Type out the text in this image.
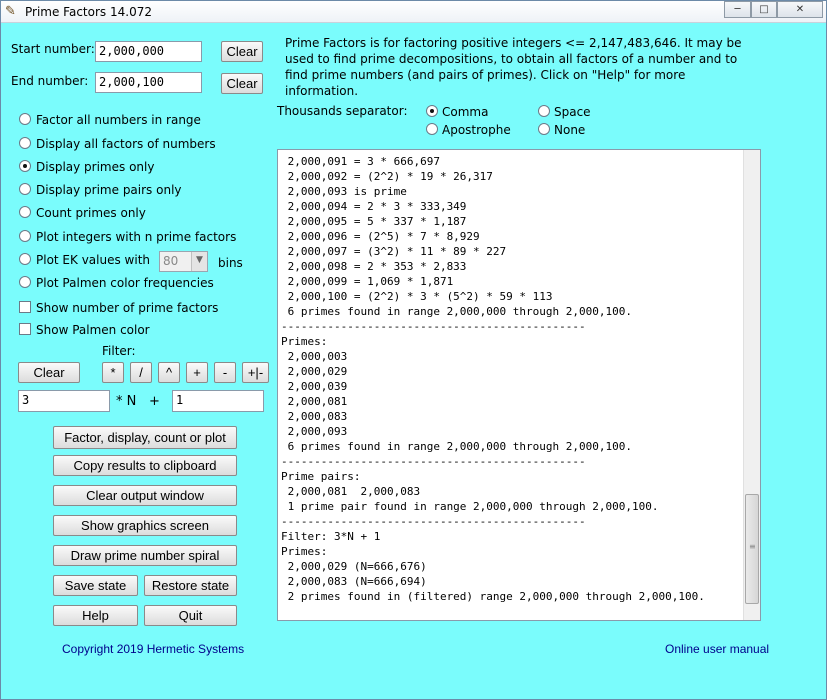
✎ Prime Factors 14.072	─	□	✕
Start number: 2,000,000	Clear
End number: 2,000,100	Clear
Prime Factors is for factoring positive integers <= 2,147,483,646. It may be used to find prime decompositions, to obtain all factors of a number and to find prime numbers (and pairs of primes). Click on "Help" for more information.
Thousands separator:	Comma	Space
Apostrophe	None
Factor all numbers in range
Display all factors of numbers
Display primes only
Display prime pairs only
Count primes only
Plot integers with n prime factors
Plot EK values with	80	▼	bins
Plot Palmen color frequencies
Show number of prime factors
Show Palmen color
Filter:
Clear	*	/	^	+	-	+|-
3	* N +	1
Factor, display, count or plot
Copy results to clipboard
Clear output window
Show graphics screen
Draw prime number spiral
Save state	Restore state
Help	Quit
2,000,091 = 3 * 666,697
2,000,092 = (2^2) * 19 * 26,317
2,000,093 is prime
2,000,094 = 2 * 3 * 333,349
2,000,095 = 5 * 337 * 1,187
2,000,096 = (2^5) * 7 * 8,929
2,000,097 = (3^2) * 11 * 89 * 227
2,000,098 = 2 * 353 * 2,833
2,000,099 = 1,069 * 1,871
2,000,100 = (2^2) * 3 * (5^2) * 59 * 113
6 primes found in range 2,000,000 through 2,000,100.
----------------------------------------------
Primes:
2,000,003
2,000,029
2,000,039
2,000,081
2,000,083
2,000,093
6 primes found in range 2,000,000 through 2,000,100.
----------------------------------------------
Prime pairs:
2,000,081  2,000,083
1 prime pair found in range 2,000,000 through 2,000,100.
----------------------------------------------
Filter: 3*N + 1
Primes:
2,000,029 (N=666,676)
2,000,083 (N=666,694)
2 primes found in (filtered) range 2,000,000 through 2,000,100.
≡
Copyright 2019 Hermetic Systems	Online user manual
